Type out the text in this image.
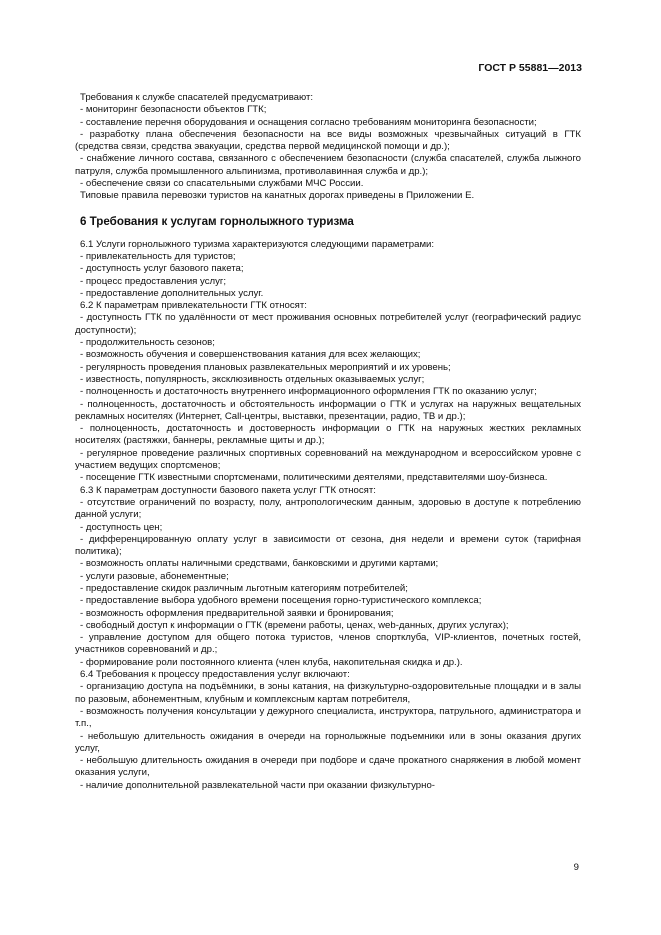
ГОСТ Р 55881—2013

Требования к службе спасателей предусматривают:

- мониторинг безопасности объектов ГТК;

- составление перечня оборудования и оснащения согласно требованиям мониторинга безопасности;

- разработку плана обеспечения безопасности на все виды возможных чрезвычайных ситуаций в ГТК (средства связи, средства эвакуации, средства первой медицинской помощи и др.);

- снабжение личного состава, связанного с обеспечением безопасности (служба спасателей, служба лыжного патруля, служба промышленного альпинизма, противолавинная служба и др.);

- обеспечение связи со спасательными службами МЧС России.

Типовые правила перевозки туристов на канатных дорогах приведены в Приложении Е.

6 Требования к услугам горнолыжного туризма

6.1 Услуги горнолыжного туризма характеризуются следующими параметрами:

- привлекательность для туристов;

- доступность услуг базового пакета;

- процесс предоставления услуг;

- предоставление дополнительных услуг.

6.2 К параметрам привлекательности ГТК относят:

- доступность ГТК по удалённости от мест проживания основных потребителей услуг (географический радиус доступности);

- продолжительность сезонов;

- возможность обучения и совершенствования катания для всех желающих;

- регулярность проведения плановых развлекательных мероприятий и их уровень;

- известность, популярность, эксклюзивность отдельных оказываемых услуг;

- полноценность и достаточность внутреннего информационного оформления ГТК по оказанию услуг;

- полноценность, достаточность и обстоятельность информации о ГТК и услугах на наружных вещательных рекламных носителях (Интернет, Call-центры, выставки, презентации, радио, ТВ и др.);

- полноценность, достаточность и достоверность информации о ГТК на наружных жестких рекламных носителях (растяжки, баннеры, рекламные щиты и др.);

- регулярное проведение различных спортивных соревнований на международном и всероссийском уровне с участием ведущих спортсменов;

- посещение ГТК известными спортсменами, политическими деятелями, представителями шоу-бизнеса.

6.3 К параметрам доступности базового пакета услуг ГТК относят:

- отсутствие ограничений по возрасту, полу, антропологическим данным, здоровью в доступе к потреблению данной услуги;

- доступность цен;

- дифференцированную оплату услуг в зависимости от сезона, дня недели и времени суток (тарифная политика);

- возможность оплаты наличными средствами, банковскими и другими картами;

- услуги разовые, абонементные;

- предоставление скидок различным льготным категориям потребителей;

- предоставление выбора удобного времени посещения горно-туристического комплекса;

- возможность оформления предварительной заявки и бронирования;

- свободный доступ к информации о ГТК (времени работы, ценах, web-данных, других услугах);

- управление доступом для общего потока туристов, членов спортклуба, VIP-клиентов, почетных гостей, участников соревнований и др.;

- формирование роли постоянного клиента (член клуба, накопительная скидка и др.).

6.4 Требования к процессу предоставления услуг включают:

- организацию доступа на подъёмники, в зоны катания, на физкультурно-оздоровительные площадки и в залы по разовым, абонементным, клубным и комплексным картам потребителя,

- возможность получения консультации у дежурного специалиста, инструктора, патрульного, администратора и т.п.,

- небольшую длительность ожидания в очереди на горнолыжные подъемники или в зоны оказания других услуг,

- небольшую длительность ожидания в очереди при подборе и сдаче прокатного снаряжения в любой момент оказания услуги,

- наличие дополнительной развлекательной части при оказании физкультурно-

9
